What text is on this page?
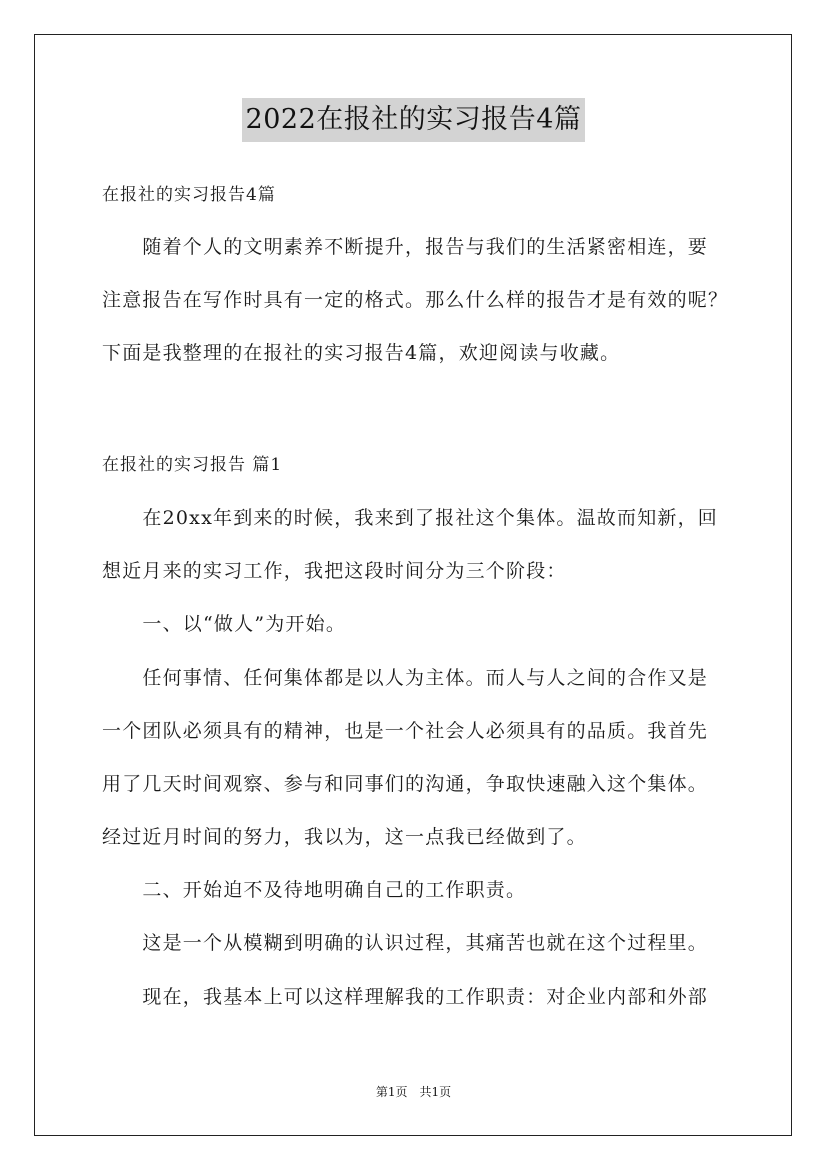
2022在报社的实习报告4篇
在报社的实习报告4篇
　　随着个人的文明素养不断提升，报告与我们的生活紧密相连，要
注意报告在写作时具有一定的格式。那么什么样的报告才是有效的呢？
下面是我整理的在报社的实习报告4篇，欢迎阅读与收藏。
在报社的实习报告 篇1
　　在20xx年到来的时候，我来到了报社这个集体。温故而知新，回
想近月来的实习工作，我把这段时间分为三个阶段：
　　一、以“做人”为开始。
　　任何事情、任何集体都是以人为主体。而人与人之间的合作又是
一个团队必须具有的精神，也是一个社会人必须具有的品质。我首先
用了几天时间观察、参与和同事们的沟通，争取快速融入这个集体。
经过近月时间的努力，我以为，这一点我已经做到了。
　　二、开始迫不及待地明确自己的工作职责。
　　这是一个从模糊到明确的认识过程，其痛苦也就在这个过程里。
　　现在，我基本上可以这样理解我的工作职责：对企业内部和外部
第1页　共1页
